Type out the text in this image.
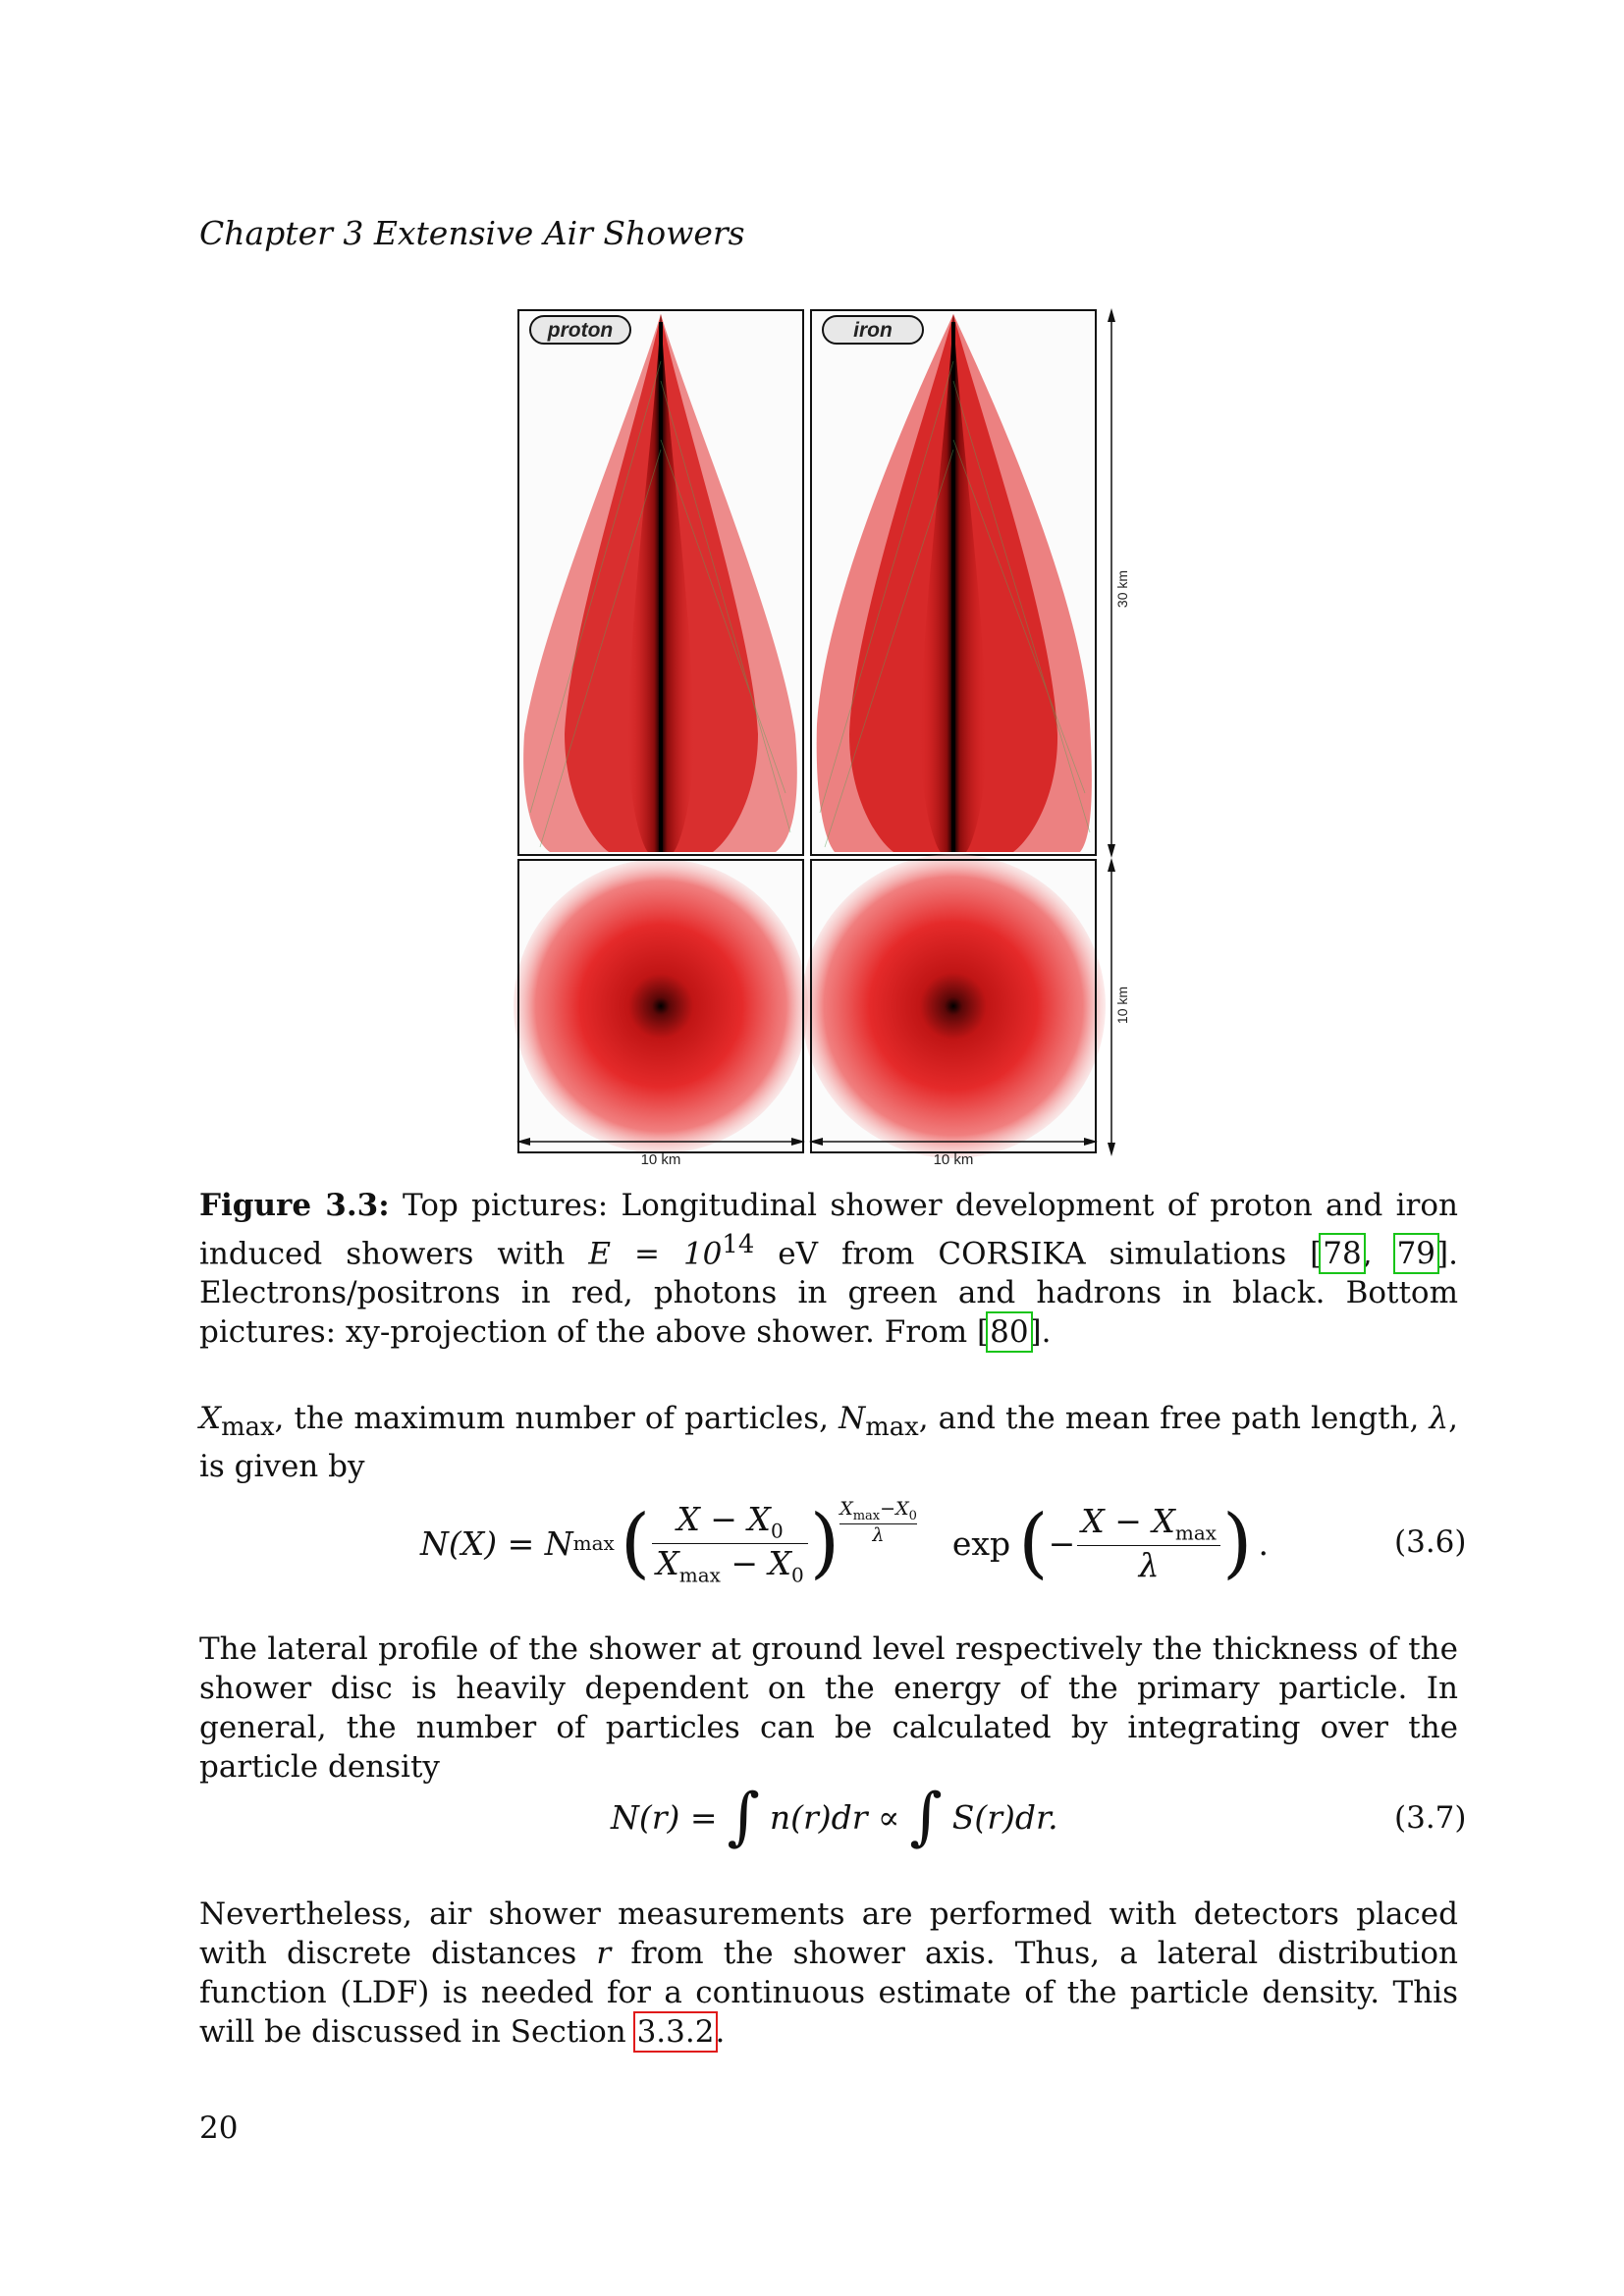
Chapter 3 Extensive Air Showers
proton	iron
30 km
10 km
10 km	10 km
Figure 3.3: Top pictures: Longitudinal shower development of proton and iron induced showers with $E = 10^{14}$ eV from CORSIKA simulations [78, 79]. Electrons/positrons in red, photons in green and hadrons in black. Bottom pictures: xy-projection of the above shower. From [80].
$X_{max}$, the maximum number of particles, $N_{max}$, and the mean free path length, λ, is given by
N(X) = N max ( $X - X_0$
$X_{max} - X_0$ ) $X_{max}-X_0$
λ exp ( −
$X - X_{max}$
λ ) .	(3.6)
The lateral profile of the shower at ground level respectively the thickness of the shower disc is heavily dependent on the energy of the primary particle. In general, the number of particles can be calculated by integrating over the particle density
N(r) = ∫ n(r)dr ∝ ∫ S(r)dr.	(3.7)
Nevertheless, air shower measurements are performed with detectors placed with discrete distances r from the shower axis. Thus, a lateral distribution function (LDF) is needed for a continuous estimate of the particle density. This will be discussed in Section 3.3.2.
20
